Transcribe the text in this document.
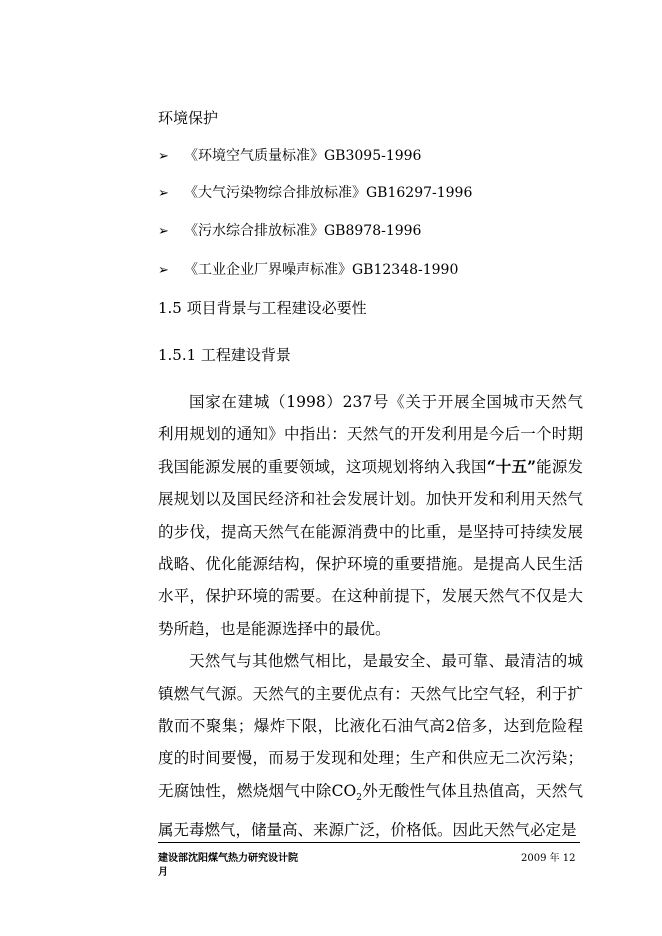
环境保护
➢ 《环境空气质量标准》GB3095-1996
➢ 《大气污染物综合排放标准》GB16297-1996
➢ 《污水综合排放标准》GB8978-1996
➢ 《工业企业厂界噪声标准》GB12348-1990
1.5 项目背景与工程建设必要性
1.5.1 工程建设背景

国家在建城（1998）237号《关于开展全国城市天然气利用规划的通知》中指出：天然气的开发利用是今后一个时期我国能源发展的重要领域，这项规划将纳入我国“十五”能源发展规划以及国民经济和社会发展计划。加快开发和利用天然气的步伐，提高天然气在能源消费中的比重，是坚持可持续发展战略、优化能源结构，保护环境的重要措施。是提高人民生活水平，保护环境的需要。在这种前提下，发展天然气不仅是大势所趋，也是能源选择中的最优。

天然气与其他燃气相比，是最安全、最可靠、最清洁的城镇燃气气源。天然气的主要优点有：天然气比空气轻，利于扩散而不聚集；爆炸下限，比液化石油气高2倍多，达到危险程度的时间要慢，而易于发现和处理；生产和供应无二次污染；无腐蚀性，燃烧烟气中除$CO_2$外无酸性气体且热值高，天然气属无毒燃气，储量高、来源广泛，价格低。因此天然气必定是

建设部沈阳煤气热力研究设计院
月
2009 年 12
